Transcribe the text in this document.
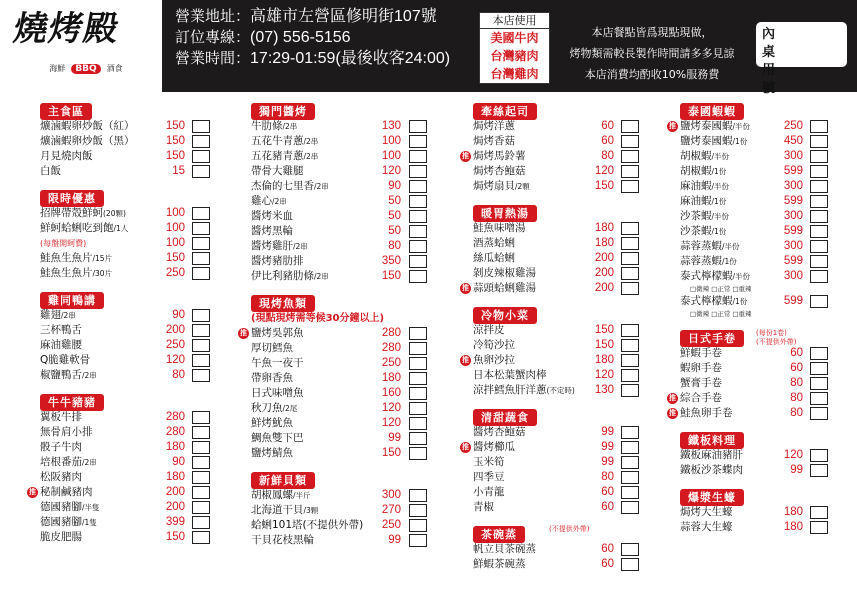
燒烤殿
海鮮	BBQ	酒食
營業地址：高雄市左營區修明街107號
訂位專線：(07) 556-5156
營業時間：17:29-01:59(最後收客24:00)
本店使用
美國牛肉
台灣豬肉
台灣雞肉
本店餐點皆爲現點現做，
烤物類需較長製作時間請多多見諒
本店消費均酌收10%服務費
內桌用號
主食區
爌滷蝦卵炒飯（紅）	150
爌滷蝦卵炒飯（黑）	150
月見燒肉飯	150
白飯	15
限時優惠
招牌帶殼鮮蚵(20顆)	100
鮮蚵蛤蜊吃到飽/1人	100
(每盤開蚵費)	100
鮭魚生魚片/15片	150
鮭魚生魚片/30片	250
雞同鴨講
雞翅/2串	90
三杯鴨舌	200
麻油雞腰	250
Q脆雞軟骨	120
椒鹽鴨舌/2串	80
牛牛豬豬
翼板牛排	280
無骨肩小排	280
骰子牛肉	180
培根番茄/2串	90
松阪豬肉	180
推 秘制鹹豬肉	200
德國豬腳/半隻	200
德國豬腳/1隻	399
脆皮肥腸	150
獨門醬烤
牛肋條/2串	130
五花牛青蔥/2串	100
五花豬青蔥/2串	100
帶骨大雞腿	120
杰倫的七里香/2串	90
雞心/2串	50
醬烤米血	50
醬烤黑輪	50
醬烤雞肝/2串	80
醬烤豬肋排	350
伊比利豬肋條/2串	150
現烤魚類
(現點現烤需等候30分鐘以上)
推 鹽烤吳郭魚	280
厚切鱈魚	280
午魚一夜干	250
帶卵香魚	180
日式味噌魚	160
秋刀魚/2尾	120
鮮烤魷魚	120
鯛魚雙下巴	99
鹽烤鯖魚	150
新鮮貝類
胡椒鳳螺/半斤	300
北海道干貝/3顆	270
蛤蜊101塔(不提供外帶)	250
干貝花枝黑輪	99
牽絲起司
焗烤洋蔥	60
焗烤香菇	60
推 焗烤馬鈴薯	80
焗烤杏鮑菇	120
焗烤扇貝/2顆	150
暖胃熱湯
鮭魚味噌湯	180
酒蒸蛤蜊	180
絲瓜蛤蜊	200
剝皮辣椒雞湯	200
推 蒜頭蛤蜊雞湯	200
冷物小菜
涼拌皮	150
冷筍沙拉	150
推 魚卵沙拉	180
日本松葉蟹肉棒	120
涼拌鱈魚肝洋蔥(不定時)	130
清甜蔬食
醬烤杏鮑菇	99
推 醬烤櫛瓜	99
玉米筍	99
四季豆	80
小青龍	60
青椒	60
茶碗蒸	(不提供外帶)
帆立貝茶碗蒸	60
鮮蝦茶碗蒸	60
泰國蝦蝦
推 鹽烤泰國蝦/半份	250
鹽烤泰國蝦/1份	450
胡椒蝦/半份	300
胡椒蝦/1份	599
麻油蝦/半份	300
麻油蝦/1份	599
沙茶蝦/半份	300
沙茶蝦/1份	599
蒜蓉蒸蝦/半份	300
蒜蓉蒸蝦/1份	599
泰式檸檬蝦/半份	300
□微辣 □正常 □重辣
泰式檸檬蝦/1份	599
□微辣 □正常 □重辣
日式手卷	(每份1卷)
(不提供外帶)
鮮蝦手卷	60
蝦卵手卷	60
蟹膏手卷	80
推 綜合手卷	80
推 鮭魚卵手卷	80
鐵板料理
鐵板麻油豬肝	120
鐵板沙茶蝶肉	99
爆漿生蠔
焗烤大生蠔	180
蒜蓉大生蠔	180
